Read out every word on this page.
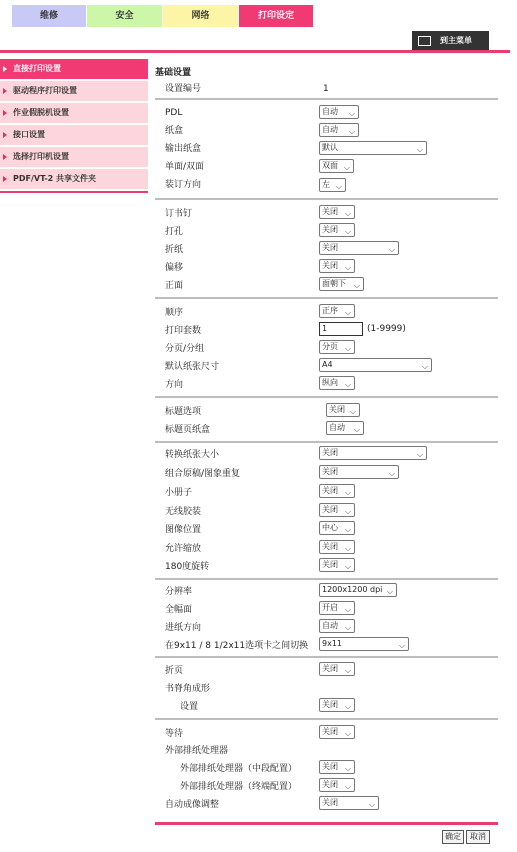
维修	安全	网络	打印设定
到主菜单
直接打印设置
驱动程序打印设置
作业假脱机设置
接口设置
选择打印机设置
PDF/VT-2 共享文件夹
基础设置
设置编号	1
PDL	自动 ⌵
纸盒	自动 ⌵
输出纸盒	默认	⌵
单面/双面	双面 ⌵
装订方向	左 ⌵
订书钉	关闭 ⌵
打孔	关闭 ⌵
折纸	关闭	⌵
偏移	关闭 ⌵
正面	面朝下 ⌵
顺序	正序 ⌵
打印套数	1	(1-9999)
分页/分组	分页 ⌵
默认纸张尺寸	A4	⌵
方向	纵向 ⌵
标题选项	关闭 ⌵
标题页纸盒	自动 ⌵
转换纸张大小	关闭	⌵
组合原稿/图象重复	关闭	⌵
小册子	关闭 ⌵
无线胶装	关闭 ⌵
图像位置	中心 ⌵
允许缩放	关闭 ⌵
180度旋转	关闭 ⌵
分辨率	1200x1200 dpi ⌵
全幅面	开启 ⌵
进纸方向	自动 ⌵
在9x11 / 8 1/2x11选项卡之间切换	9x11	⌵
折页	关闭 ⌵
书脊角成形
设置	关闭 ⌵
等待	关闭 ⌵
外部排纸处理器
外部排纸处理器（中段配置）	关闭 ⌵
外部排纸处理器（终端配置）	关闭 ⌵
自动成像调整	关闭	⌵
确定	取消
